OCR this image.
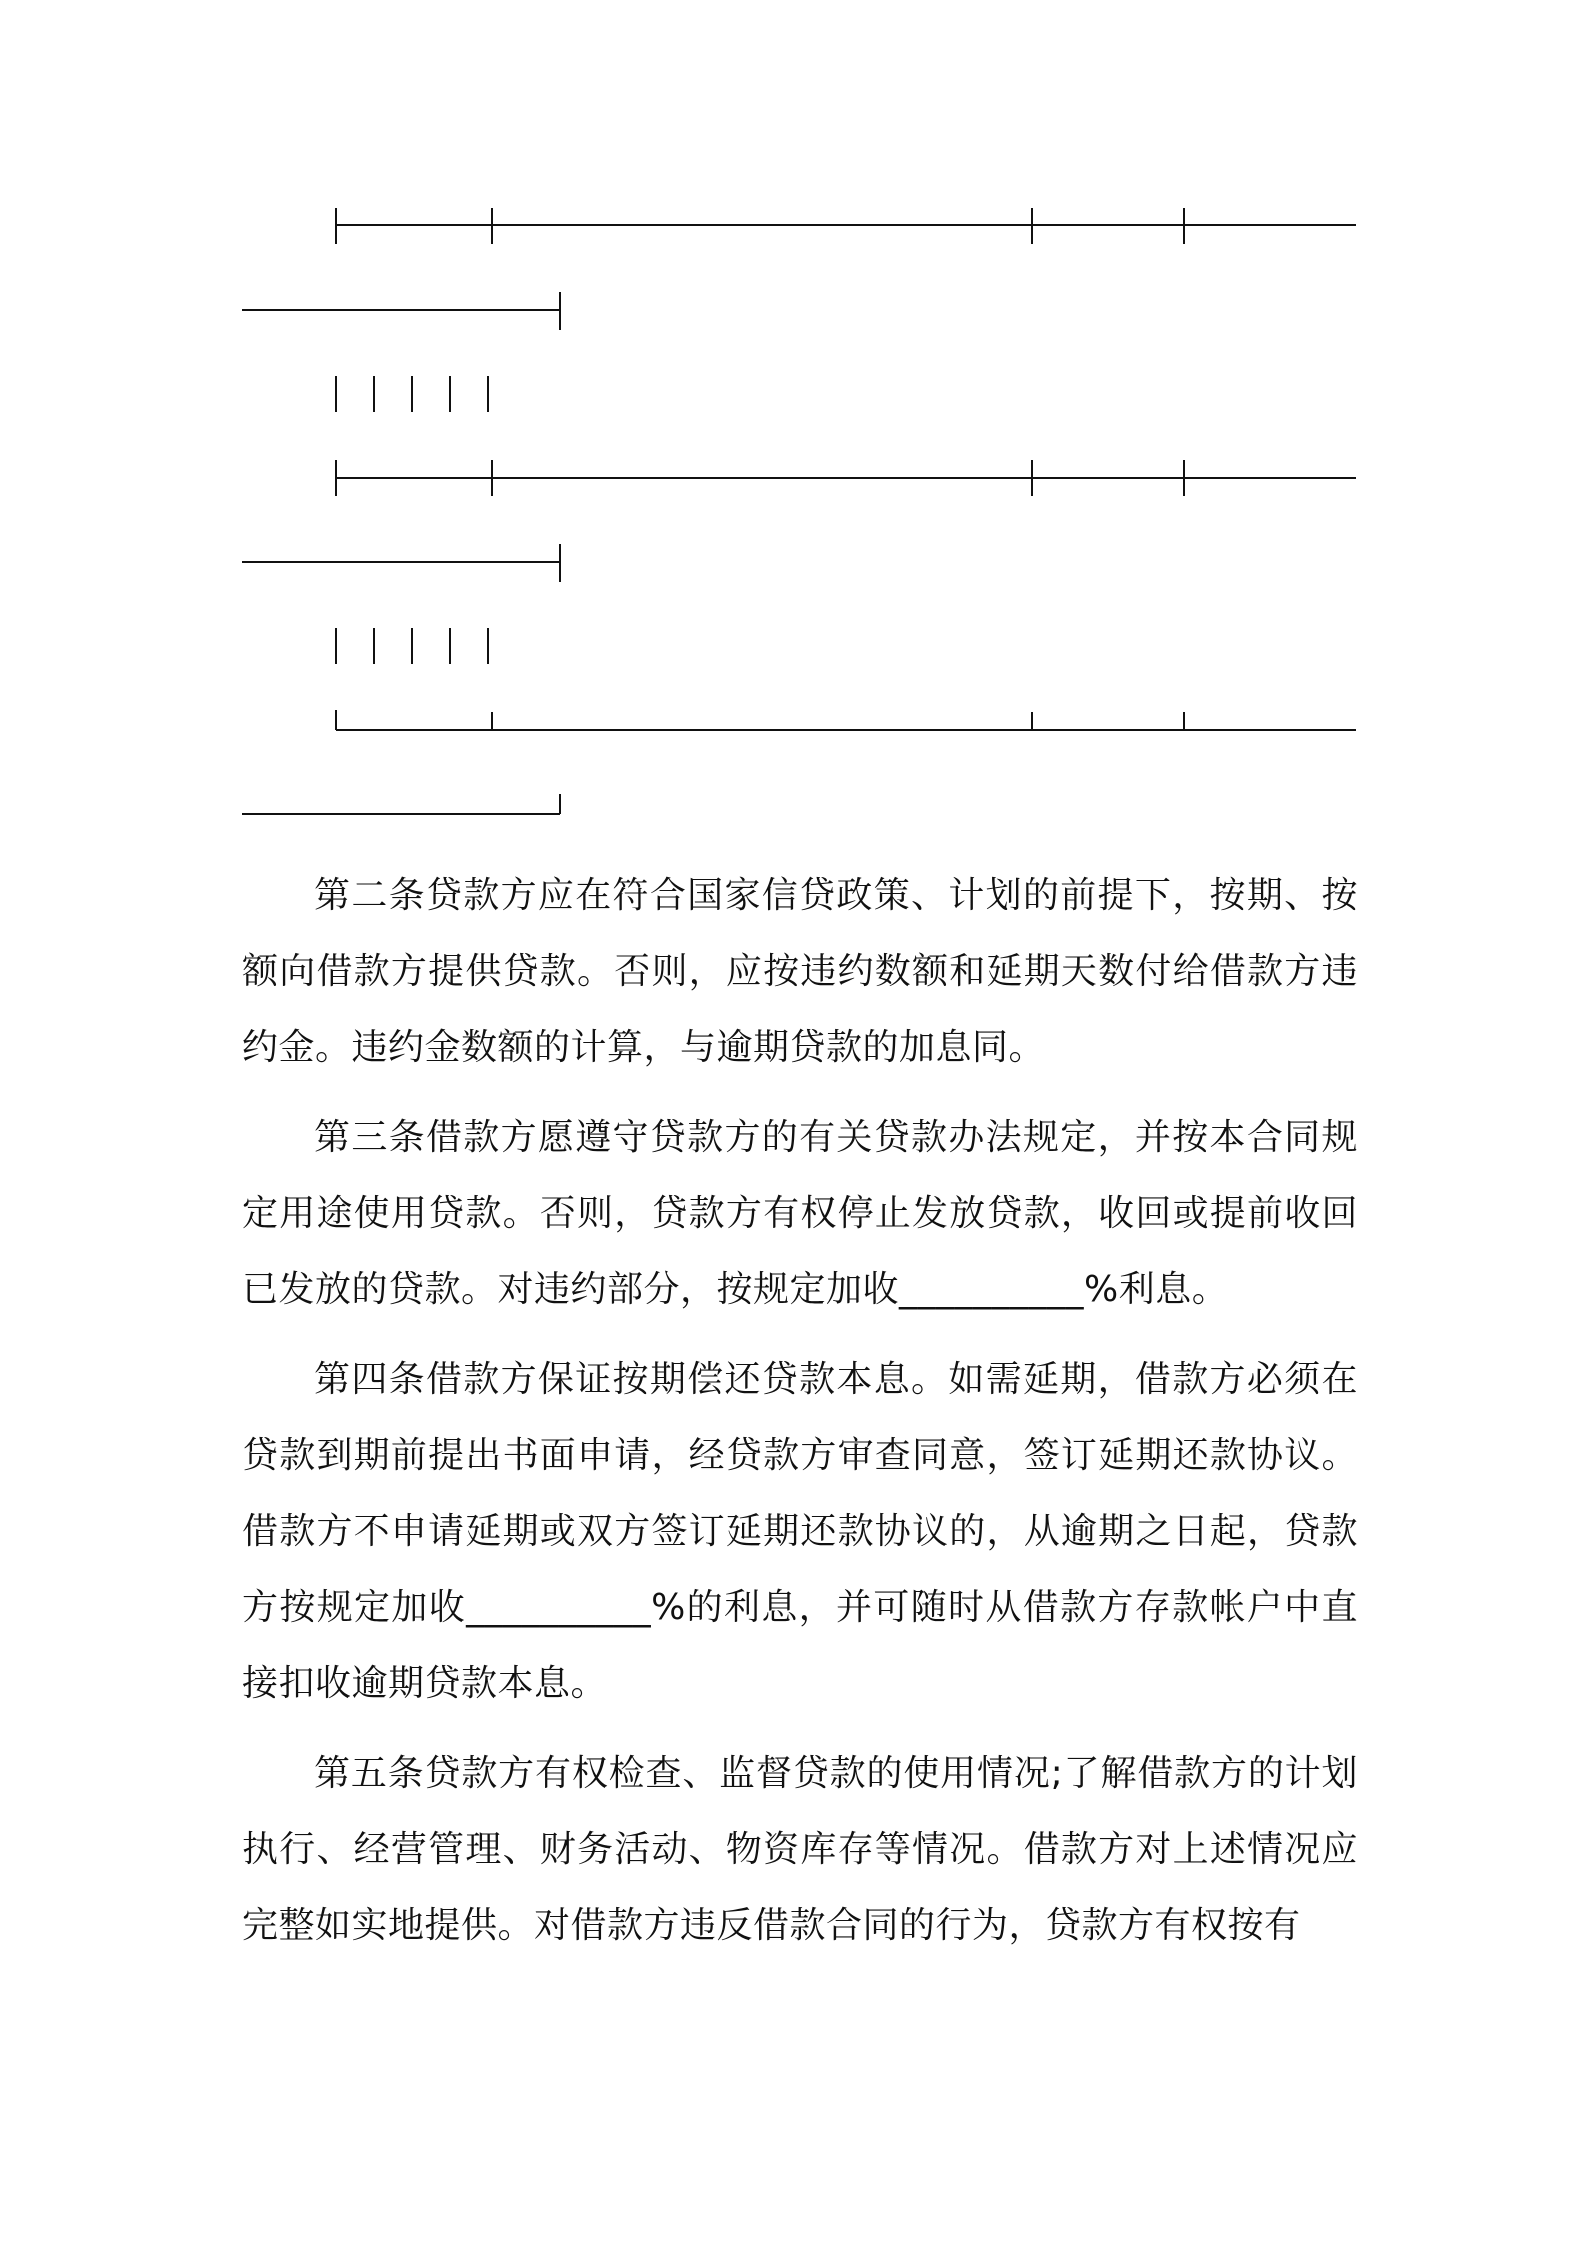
第二条贷款方应在符合国家信贷政策、计划的前提下，按期、按额向借款方提供贷款。否则，应按违约数额和延期天数付给借款方违约金。违约金数额的计算，与逾期贷款的加息同。

第三条借款方愿遵守贷款方的有关贷款办法规定，并按本合同规定用途使用贷款。否则，贷款方有权停止发放贷款，收回或提前收回已发放的贷款。对违约部分，按规定加收__________%利息。

第四条借款方保证按期偿还贷款本息。如需延期，借款方必须在贷款到期前提出书面申请，经贷款方审查同意，签订延期还款协议。借款方不申请延期或双方签订延期还款协议的，从逾期之日起，贷款方按规定加收__________%的利息，并可随时从借款方存款帐户中直接扣收逾期贷款本息。

第五条贷款方有权检查、监督贷款的使用情况;了解借款方的计划执行、经营管理、财务活动、物资库存等情况。借款方对上述情况应完整如实地提供。对借款方违反借款合同的行为，贷款方有权按有
